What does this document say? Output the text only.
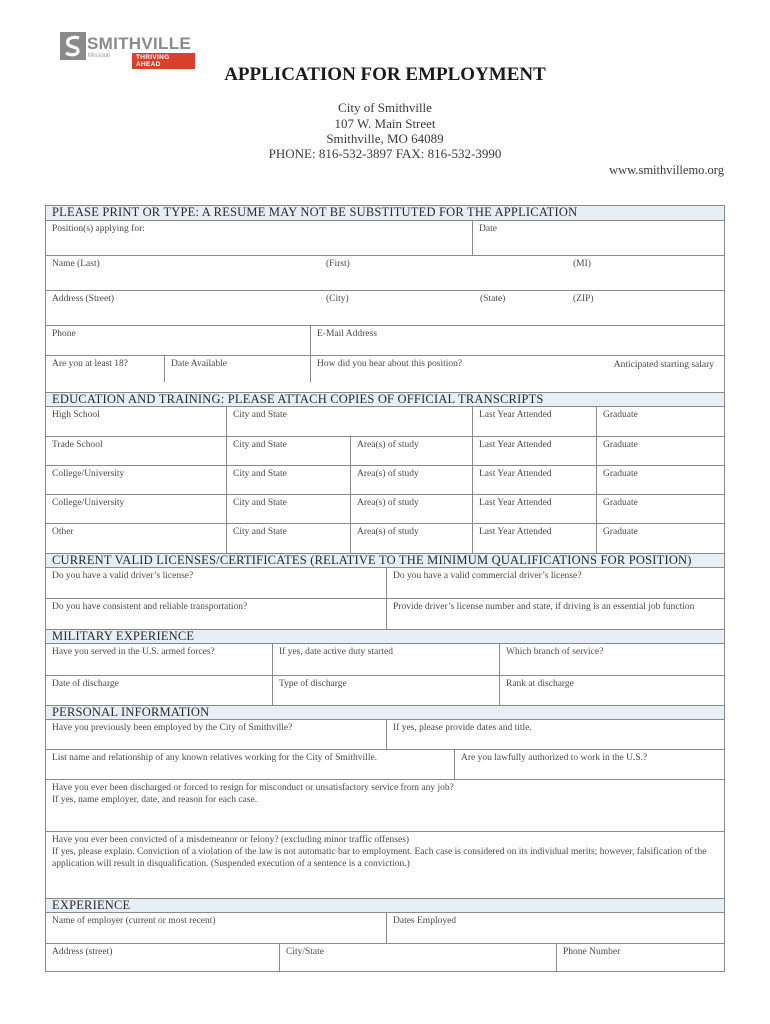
SMITHVILLE
Missouri	THRIVING AHEAD	APPLICATION FOR EMPLOYMENT
City of Smithville
107 W. Main Street
Smithville, MO 64089
PHONE: 816-532-3897 FAX: 816-532-3990
www.smithvillemo.org
PLEASE PRINT OR TYPE: A RESUME MAY NOT BE SUBSTITUTED FOR THE APPLICATION
Position(s) applying for:	Date
Name (Last)	(First)	(MI)
Address (Street)	(City)	(State)	(ZIP)
Phone	E-Mail Address
Are you at least 18?	Date Available	How did you hear about this position?	Anticipated starting salary
EDUCATION AND TRAINING: PLEASE ATTACH COPIES OF OFFICIAL TRANSCRIPTS
High School	City and State	Last Year Attended	Graduate
Trade School	City and State	Area(s) of study	Last Year Attended	Graduate
College/University	City and State	Area(s) of study	Last Year Attended	Graduate
College/University	City and State	Area(s) of study	Last Year Attended	Graduate
Other	City and State	Area(s) of study	Last Year Attended	Graduate
CURRENT VALID LICENSES/CERTIFICATES (RELATIVE TO THE MINIMUM QUALIFICATIONS FOR POSITION)
Do you have a valid driver’s license?	Do you have a valid commercial driver’s license?
Do you have consistent and reliable transportation?	Provide driver’s license number and state, if driving is an essential job function
MILITARY EXPERIENCE
Have you served in the U.S. armed forces?	If yes, date active duty started	Which branch of service?
Date of discharge	Type of discharge	Rank at discharge
PERSONAL INFORMATION
Have you previously been employed by the City of Smithville?	If yes, please provide dates and title.
List name and relationship of any known relatives working for the City of Smithville.	Are you lawfully authorized to work in the U.S.?
Have you ever been discharged or forced to resign for misconduct or unsatisfactory service from any job?
If yes, name employer, date, and reason for each case.
Have you ever been convicted of a misdemeanor or felony? (excluding minor traffic offenses)
If yes, please explain. Conviction of a violation of the law is not automatic bar to employment. Each case is considered on its individual merits; however, falsification of the application will result in disqualification. (Suspended execution of a sentence is a conviction.)
EXPERIENCE
Name of employer (current or most recent)	Dates Employed
Address (street)	City/State	Phone Number
